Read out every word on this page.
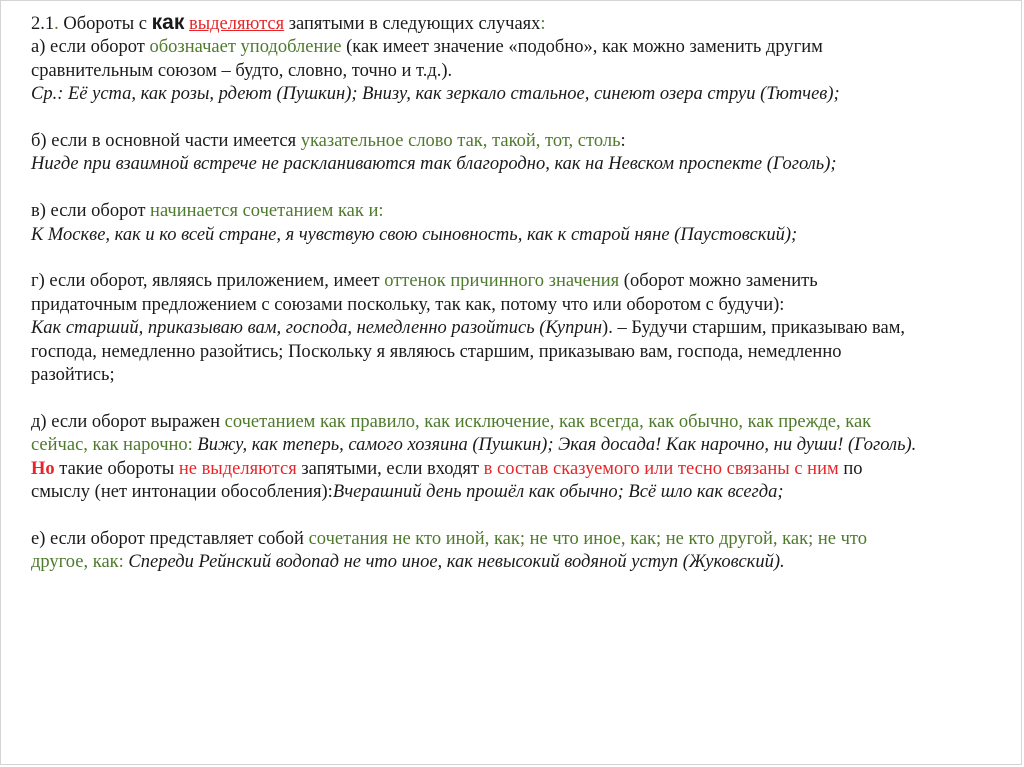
2.1. Обороты с как выделяются запятыми в следующих случаях:

а) если оборот обозначает уподобление (как имеет значение «подобно», как можно заменить другим

сравнительным союзом – будто, словно, точно и т.д.).

Ср.: Её уста, как розы, рдеют (Пушкин); Внизу, как зеркало стальное, синеют озера струи (Тютчев);

б) если в основной части имеется указательное слово так, такой, тот, столь:

Нигде при взаимной встрече не раскланиваются так благородно, как на Невском проспекте (Гоголь);

в) если оборот начинается сочетанием как и:

К Москве, как и ко всей стране, я чувствую свою сыновность, как к старой няне (Паустовский);

г) если оборот, являясь приложением, имеет оттенок причинного значения (оборот можно заменить

придаточным предложением с союзами поскольку, так как, потому что или оборотом с будучи):

Как старший, приказываю вам, господа, немедленно разойтись (Куприн). – Будучи старшим, приказываю вам,

господа, немедленно разойтись; Поскольку я являюсь старшим, приказываю вам, господа, немедленно

разойтись;

д) если оборот выражен сочетанием как правило, как исключение, как всегда, как обычно, как прежде, как

сейчас, как нарочно: Вижу, как теперь, самого хозяина (Пушкин); Экая досада! Как нарочно, ни души! (Гоголь).

Но такие обороты не выделяются запятыми, если входят в состав сказуемого или тесно связаны с ним по

смыслу (нет интонации обособления):Вчерашний день прошёл как обычно; Всё шло как всегда;

е) если оборот представляет собой сочетания не кто иной, как; не что иное, как; не кто другой, как; не что

другое, как: Спереди Рейнский водопад не что иное, как невысокий водяной уступ (Жуковский).
